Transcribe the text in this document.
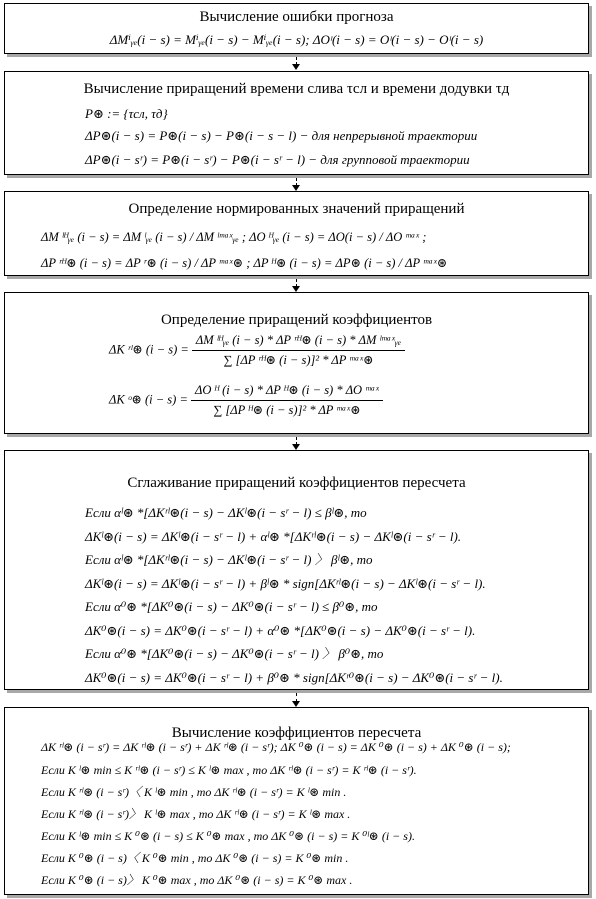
Вычисление ошибки прогноза
ΔMⁱᵧₑ(i − s) = Mⁱᵧₑ(i − s) − Mⁱᵧₑ(i − s); ΔOᶦ(i − s) = Oᶦ(i − s) − Oᶦ(i − s)
Вычисление приращений времени слива τсл и времени додувки τд
P⊛ := {τсл, τд}
ΔP⊛(i − s) = P⊛(i − s) − P⊛(i − s − l) − для непрерывной траектории
ΔP⊛(i − sʳ) = P⊛(i − sʳ) − P⊛(i − sʳ − l) − для групповой траектории
Определение нормированных значений приращений
ΔM ˡᴴᵧₑ (i − s) = ΔM ˡᵧₑ (i − s) / ΔM ˡᵐᵃˣᵧₑ ; ΔO ᴴᵧₑ (i − s) = ΔO(i − s) / ΔO ᵐᵃˣ ;
ΔP ʳᴴ⊛ (i − s) = ΔP ʳ⊛ (i − s) / ΔP ᵐᵃˣ⊛ ; ΔP ᴴ⊛ (i − s) = ΔP⊛ (i − s) / ΔP ᵐᵃˣ⊛
Определение приращений коэффициентов
ΔK ʳˡ⊛ $(i - s) = \frac{\text{ΔM ˡᴴᵧₑ (i − s) * ΔP ʳᴴ⊛ (i − s) * ΔM ˡᵐᵃˣᵧₑ}}{\text{∑ [ΔP ʳᴴ⊛ (i − s)]² * ΔP ᵐᵃˣ⊛}}$
ΔK ᵒ⊛ $(i - s) = \frac{\text{ΔO ᴴ (i − s) * ΔP ᴴ⊛ (i − s) * ΔO ᵐᵃˣ}}{\text{∑ [ΔP ᴴ⊛ (i − s)]² * ΔP ᵐᵃˣ⊛}}$
Сглаживание приращений коэффициентов пересчета
Если αˡ⊛ *[ΔKʳˡ⊛(i − s) − ΔKˡ⊛(i − sʳ − l) ≤ βˡ⊛, то
ΔKˡ⊛(i − s) = ΔKˡ⊛(i − sʳ − l) + αˡ⊛ *[ΔKʳˡ⊛(i − s) − ΔKˡ⊛(i − sʳ − l).
Если αˡ⊛ *[ΔKʳˡ⊛(i − s) − ΔKˡ⊛(i − sʳ − l) 〉 βˡ⊛, то
ΔKˡ⊛(i − s) = ΔKˡ⊛(i − sʳ − l) + βˡ⊛ * sign[ΔKʳˡ⊛(i − s) − ΔKˡ⊛(i − sʳ − l).
Если α⁰⊛ *[ΔK⁰⊛(i − s) − ΔK⁰⊛(i − sʳ − l) ≤ β⁰⊛, то
ΔK⁰⊛(i − s) = ΔK⁰⊛(i − sʳ − l) + α⁰⊛ *[ΔK⁰⊛(i − s) − ΔK⁰⊛(i − sʳ − l).
Если α⁰⊛ *[ΔK⁰⊛(i − s) − ΔK⁰⊛(i − sʳ − l) 〉 β⁰⊛, то
ΔK⁰⊛(i − s) = ΔK⁰⊛(i − sʳ − l) + β⁰⊛ * sign[ΔKʳ⁰⊛(i − s) − ΔK⁰⊛(i − sʳ − l).
Вычисление коэффициентов пересчета
ΔK ʳˡ⊛ (i − sʳ) = ΔK ʳˡ⊛ (i − sʳ) + ΔK ʳˡ⊛ (i − sʳ); ΔK ⁰⊛ (i − s) = ΔK ⁰⊛ (i − s) + ΔK ⁰⊛ (i − s);
Если K ˡ⊛ min ≤ K ʳˡ⊛ (i − sʳ) ≤ K ˡ⊛ max , то ΔK ʳˡ⊛ (i − sʳ) = K ʳˡ⊛ (i − sʳ).
Если K ʳˡ⊛ (i − sʳ)〈 K ˡ⊛ min , то ΔK ʳˡ⊛ (i − sʳ) = K ˡ⊛ min .
Если K ʳˡ⊛ (i − sʳ)〉 K ˡ⊛ max , то ΔK ʳˡ⊛ (i − sʳ) = K ˡ⊛ max .
Если K ˡ⊛ min ≤ K ⁰⊛ (i − s) ≤ K ⁰⊛ max , то ΔK ⁰⊛ (i − s) = K ⁰ˡ⊛ (i − s).
Если K ⁰⊛ (i − s)〈 K ⁰⊛ min , то ΔK ⁰⊛ (i − s) = K ⁰⊛ min .
Если K ⁰⊛ (i − s)〉 K ⁰⊛ max , то ΔK ⁰⊛ (i − s) = K ⁰⊛ max .
